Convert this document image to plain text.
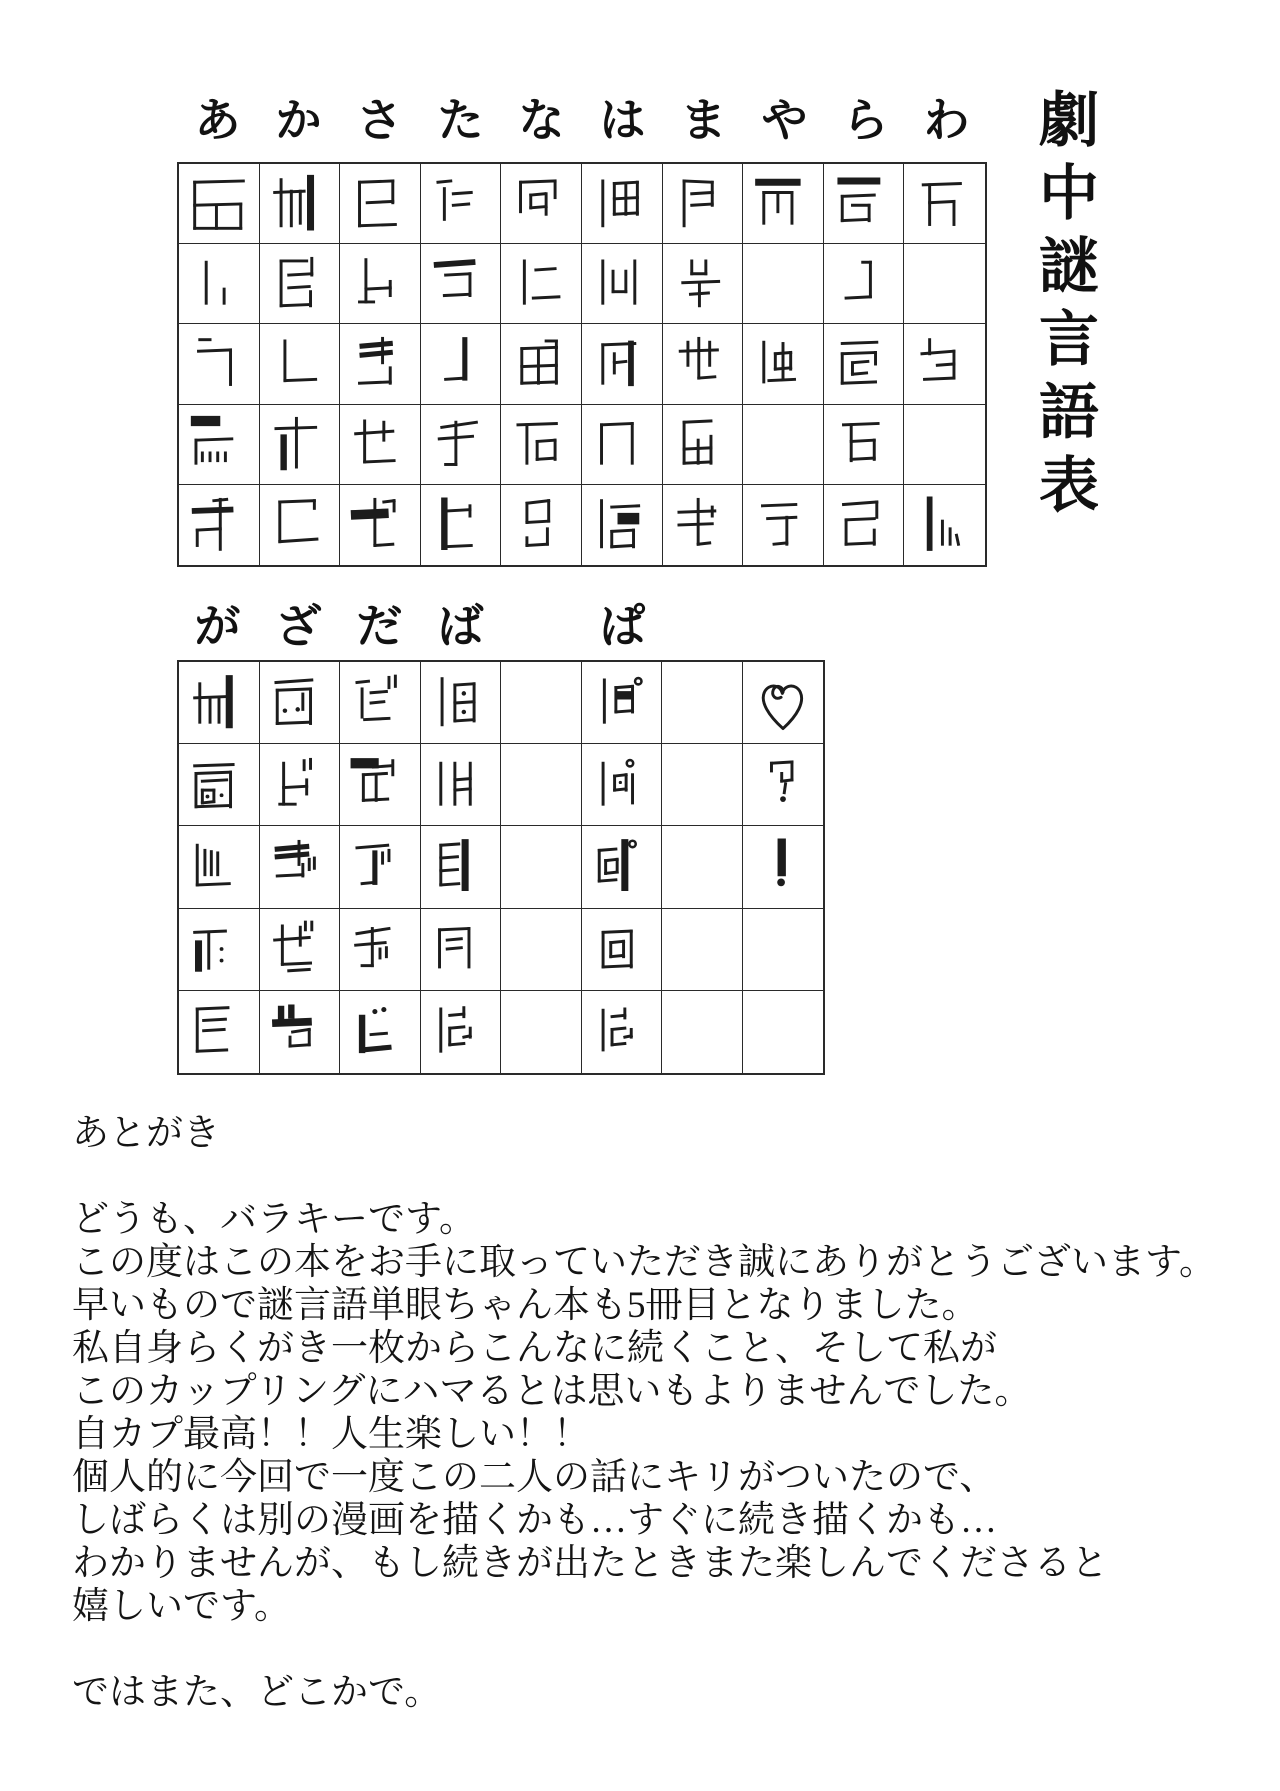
劇中謎言語表
あ か さ た な は ま や ら わ
が ざ だ ば	ぱ
あとがき

どうも、バラキーです。
この度はこの本をお手に取っていただき誠にありがとうございます。
早いもので謎言語単眼ちゃん本も5冊目となりました。
私自身らくがき一枚からこんなに続くこと、そして私が
このカップリングにハマるとは思いもよりませんでした。
自カプ最高！！人生楽しい！！
個人的に今回で一度この二人の話にキリがついたので、
しばらくは別の漫画を描くかも…すぐに続き描くかも…
わかりませんが、もし続きが出たときまた楽しんでくださると
嬉しいです。

ではまた、どこかで。
